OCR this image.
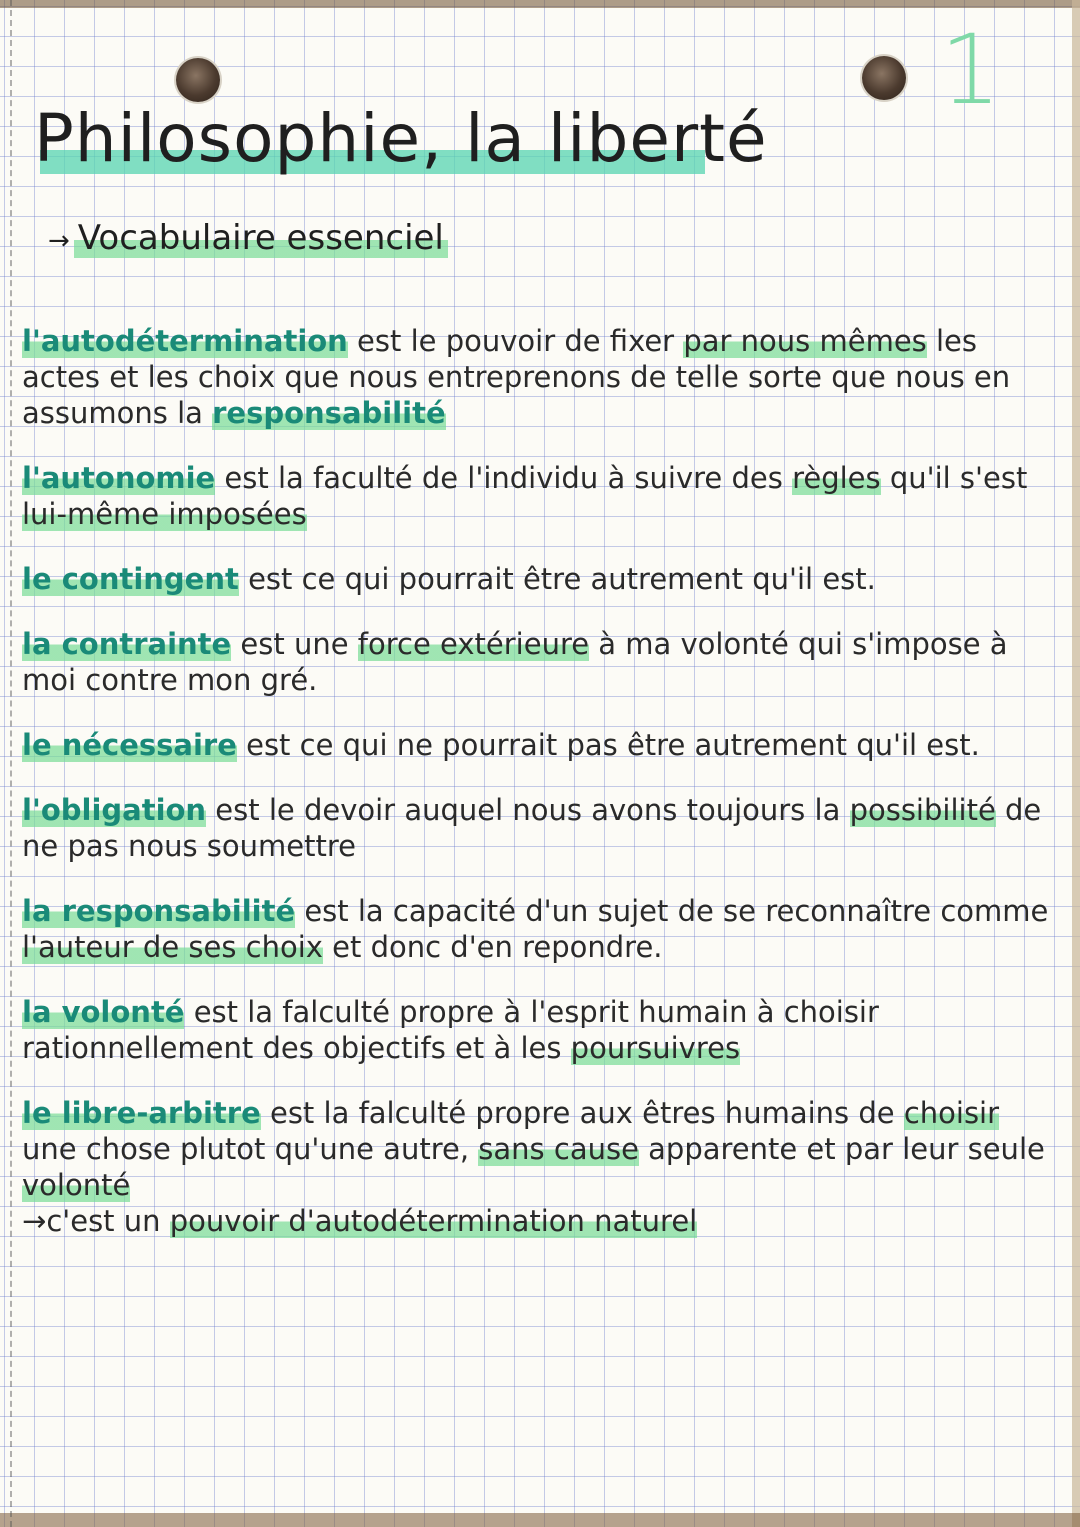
1
Philosophie, la liberté
→ Vocabulaire essenciel

l'autodétermination est le pouvoir de fixer par nous mêmes les actes et les choix que nous entreprenons de telle sorte que nous en assumons la responsabilité

l'autonomie est la faculté de l'individu à suivre des règles qu'il s'est lui-même imposées

le contingent est ce qui pourrait être autrement qu'il est.

la contrainte est une force extérieure à ma volonté qui s'impose à moi contre mon gré.

le nécessaire est ce qui ne pourrait pas être autrement qu'il est.

l'obligation est le devoir auquel nous avons toujours la possibilité de ne pas nous soumettre

la responsabilité est la capacité d'un sujet de se reconnaître comme l'auteur de ses choix et donc d'en repondre.

la volonté est la falculté propre à l'esprit humain à choisir rationnellement des objectifs et à les poursuivres

le libre-arbitre est la falculté propre aux êtres humains de choisir une chose plutot qu'une autre, sans cause apparente et par leur seule volonté
→c'est un pouvoir d'autodétermination naturel
